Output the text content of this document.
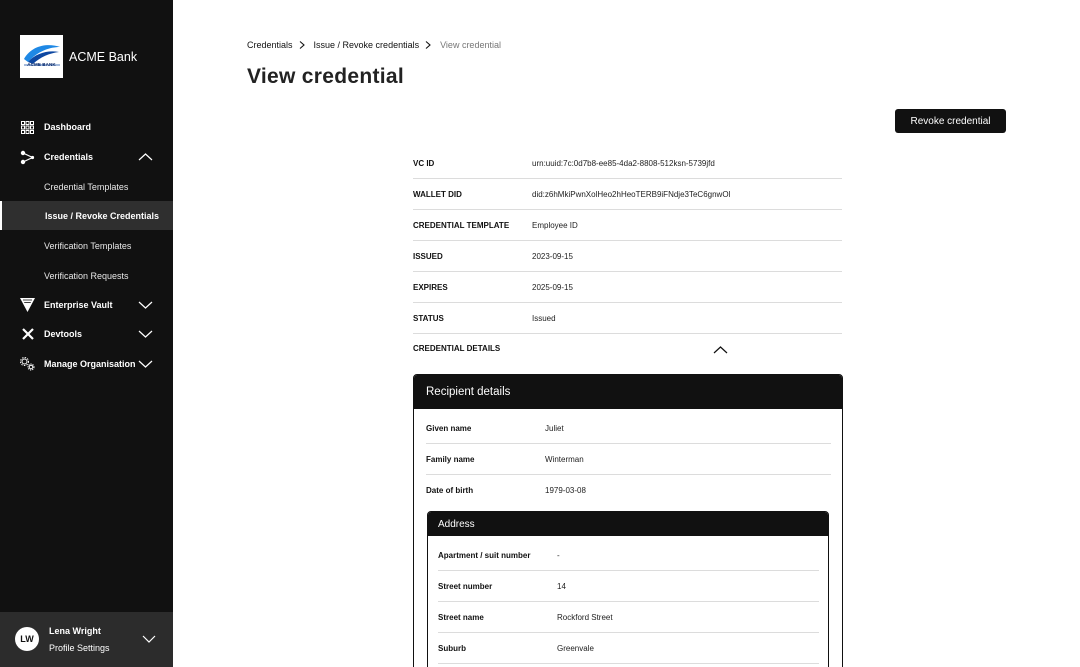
ACME BANK
ACME Bank
Dashboard
Credentials
Credential Templates
Issue / Revoke Credentials
Verification Templates
Verification Requests
Enterprise Vault
Devtools
Manage Organisation
LW
Lena Wright
Profile Settings
Credentials Issue / Revoke credentials View credential
View credential
Revoke credential
VC ID	urn:uuid:7c:0d7b8-ee85-4da2-8808-512ksn-5739jfd
WALLET DID	did:z6hMkiPwnXolHeo2hHeoTERB9iFNdje3TeC6gnwOl
CREDENTIAL TEMPLATE	Employee ID
ISSUED	2023-09-15
EXPIRES	2025-09-15
STATUS	Issued
CREDENTIAL DETAILS
Recipient details
Given name	Juliet
Family name	Winterman
Date of birth	1979-03-08
Address
Apartment / suit number	-
Street number	14
Street name	Rockford Street
Suburb	Greenvale
